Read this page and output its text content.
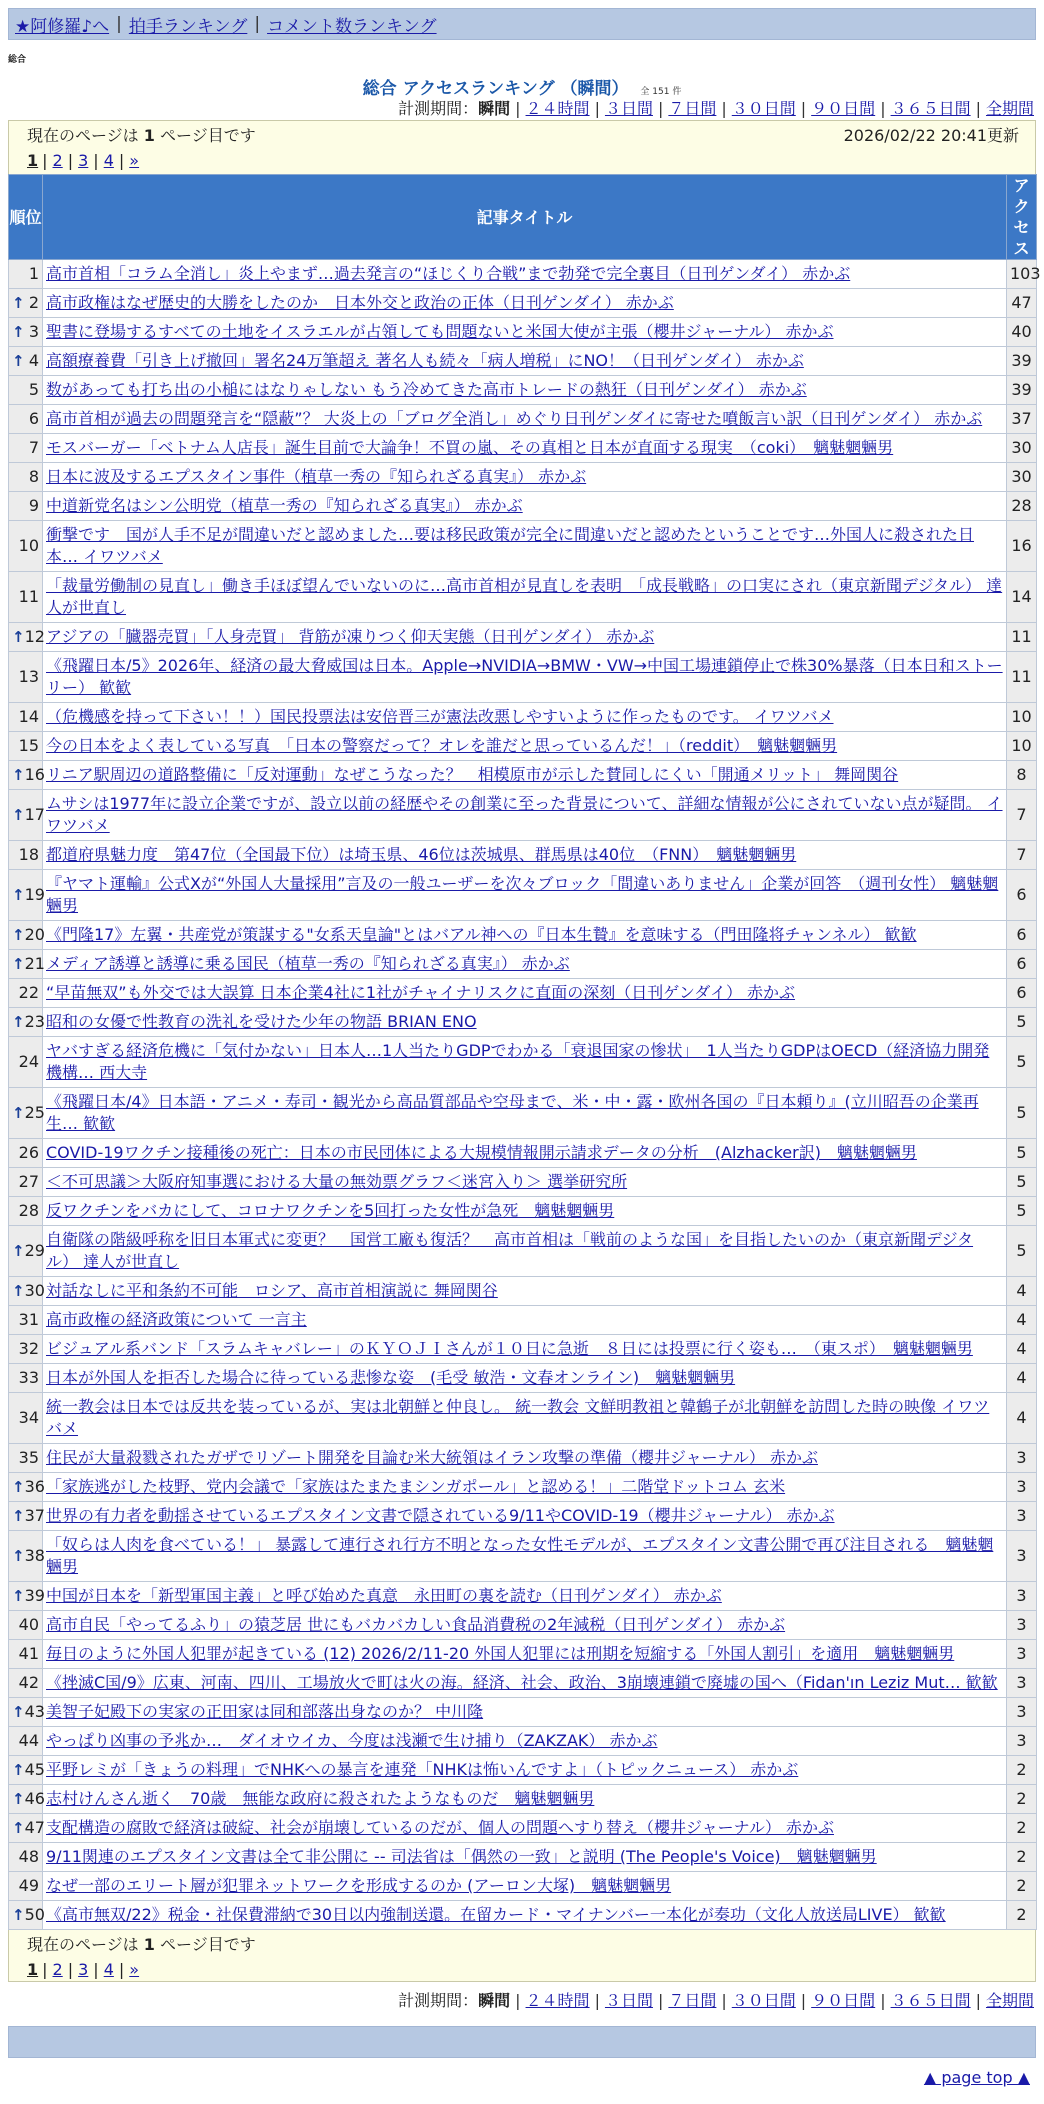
★阿修羅♪へ | 拍手ランキング | コメント数ランキング
総合
総合 アクセスランキング （瞬間） 全 151 件
計測期間：瞬間 | ２４時間 | ３日間 | ７日間 | ３０日間 | ９０日間 | ３６５日間 | 全期間
現在のページは 1 ページ目です	2026/02/22 20:41更新
1 | 2 | 3 | 4 | »
順位	記事タイトル	アクセス
1	高市首相「コラム全消し」炎上やまず…過去発言の“ほじくり合戦”まで勃発で完全裏目（日刊ゲンダイ） 赤かぶ	103

↑ 2	高市政権はなぜ歴史的大勝をしたのか　日本外交と政治の正体（日刊ゲンダイ） 赤かぶ	47

↑ 3	聖書に登場するすべての土地をイスラエルが占領しても問題ないと米国大使が主張（櫻井ジャーナル） 赤かぶ	40

↑ 4	高額療養費「引き上げ撤回」署名24万筆超え 著名人も続々「病人増税」にNO！（日刊ゲンダイ） 赤かぶ	39
5	数があっても打ち出の小槌にはなりゃしない もう冷めてきた高市トレードの熱狂（日刊ゲンダイ） 赤かぶ	39
6	高市首相が過去の問題発言を“隠蔽”？ 大炎上の「ブログ全消し」めぐり日刊ゲンダイに寄せた噴飯言い訳（日刊ゲンダイ） 赤かぶ	37
7	モスバーガー「ベトナム人店長」誕生目前で大論争！不買の嵐、その真相と日本が直面する現実　（coki）　魑魅魍魎男	30
8	日本に波及するエプスタイン事件（植草一秀の『知られざる真実』） 赤かぶ	30
9	中道新党名はシン公明党（植草一秀の『知られざる真実』） 赤かぶ	28
10	衝撃です　国が人手不足が間違いだと認めました…要は移民政策が完全に間違いだと認めたということです…外国人に殺された日本… イワツバメ	16
11	「裁量労働制の見直し」働き手ほぼ望んでいないのに…高市首相が見直しを表明　「成長戦略」の口実にされ（東京新聞デジタル） 達人が世直し	14

↑ 12	アジアの「臓器売買」「人身売買」 背筋が凍りつく仰天実態（日刊ゲンダイ） 赤かぶ	11
13	《飛躍日本/5》2026年、経済の最大脅威国は日本。Apple→NVIDIA→BMW・VW→中国工場連鎖停止で株30%暴落（日本日和ストーリー） 歓歓	11
14	（危機感を持って下さい！！）国民投票法は安倍晋三が憲法改悪しやすいように作ったものです。 イワツバメ	10
15	今の日本をよく表している写真　「日本の警察だって？オレを誰だと思っているんだ！」（reddit）　魑魅魍魎男	10

↑ 16	リニア駅周辺の道路整備に「反対運動」なぜこうなった？　相模原市が示した賛同しにくい「開通メリット」 舞岡関谷	8

↑ 17	ムサシは1977年に設立企業ですが、設立以前の経歴やその創業に至った背景について、詳細な情報が公にされていない点が疑問。 イワツバメ	7
18	都道府県魅力度　第47位（全国最下位）は埼玉県、46位は茨城県、群馬県は40位　（FNN）　魑魅魍魎男	7

↑ 19	『ヤマト運輸』公式Xが“外国人大量採用”言及の一般ユーザーを次々ブロック「間違いありません」企業が回答　（週刊女性） 魑魅魍魎男	6

↑ 20	《門隆17》左翼・共産党が策謀する"女系天皇論"とはバアル神への『日本生贄』を意味する（門田隆将チャンネル） 歓歓	6

↑ 21	メディア誘導と誘導に乗る国民（植草一秀の『知られざる真実』） 赤かぶ	6
22	“早苗無双”も外交では大誤算 日本企業4社に1社がチャイナリスクに直面の深刻（日刊ゲンダイ） 赤かぶ	6

↑ 23	昭和の女優で性教育の洗礼を受けた少年の物語 BRIAN ENO	5
24	ヤバすぎる経済危機に「気付かない」日本人…1人当たりGDPでわかる「衰退国家の惨状」　1人当たりGDPはOECD（経済協力開発機構… 西大寺	5

↑ 25	《飛躍日本/4》日本語・アニメ・寿司・観光から高品質部品や空母まで、米・中・露・欧州各国の『日本頼り』(立川昭吾の企業再生… 歓歓	5
26	COVID-19ワクチン接種後の死亡：日本の市民団体による大規模情報開示請求データの分析　(Alzhacker訳)　魑魅魍魎男	5
27	＜不可思議＞大阪府知事選における大量の無効票グラフ＜迷宮入り＞ 選挙研究所	5
28	反ワクチンをバカにして、コロナワクチンを5回打った女性が急死　魑魅魍魎男	5

↑ 29	自衛隊の階級呼称を旧日本軍式に変更？　国営工廠も復活？　高市首相は「戦前のような国」を目指したいのか（東京新聞デジタル） 達人が世直し	5

↑ 30	対話なしに平和条約不可能　ロシア、高市首相演説に 舞岡関谷	4
31	高市政権の経済政策について 一言主	4
32	ビジュアル系バンド「スラムキャバレー」のＫＹＯＪＩさんが１０日に急逝　８日には投票に行く姿も…　（東スポ）　魑魅魍魎男	4
33	日本が外国人を拒否した場合に待っている悲惨な姿　(毛受 敏浩・文春オンライン)　魑魅魍魎男	4
34	統一教会は日本では反共を装っているが、実は北朝鮮と仲良し。 統一教会 文鮮明教祖と韓鶴子が北朝鮮を訪問した時の映像 イワツバメ	4
35	住民が大量殺戮されたガザでリゾート開発を目論む米大統領はイラン攻撃の準備（櫻井ジャーナル） 赤かぶ	3

↑ 36	「家族逃がした枝野、党内会議で「家族はたまたまシンガポール」と認める！」二階堂ドットコム 玄米	3

↑ 37	世界の有力者を動揺させているエプスタイン文書で隠されている9/11やCOVID-19（櫻井ジャーナル） 赤かぶ	3

↑ 38	「奴らは人肉を食べている！」 暴露して連行され行方不明となった女性モデルが、エプスタイン文書公開で再び注目される　魑魅魍魎男	3

↑ 39	中国が日本を「新型軍国主義」と呼び始めた真意　永田町の裏を読む（日刊ゲンダイ） 赤かぶ	3
40	高市自民「やってるふり」の猿芝居 世にもバカバカしい食品消費税の2年減税（日刊ゲンダイ） 赤かぶ	3
41	毎日のように外国人犯罪が起きている (12) 2026/2/11-20 外国人犯罪には刑期を短縮する「外国人割引」を適用　魑魅魍魎男	3
42	《挫滅C国/9》広東、河南、四川、工場放火で町は火の海。経済、社会、政治、3崩壊連鎖で廃墟の国へ（Fidan'ın Leziz Mut… 歓歓	3

↑ 43	美智子妃殿下の実家の正田家は同和部落出身なのか？ 中川隆	3
44	やっぱり凶事の予兆か…　ダイオウイカ、今度は浅瀬で生け捕り（ZAKZAK） 赤かぶ	3

↑ 45	平野レミが「きょうの料理」でNHKへの暴言を連発「NHKは怖いんですよ」（トピックニュース） 赤かぶ	2

↑ 46	志村けんさん逝く　70歳　無能な政府に殺されたようなものだ　魑魅魍魎男	2

↑ 47	支配構造の腐敗で経済は破綻、社会が崩壊しているのだが、個人の問題へすり替え（櫻井ジャーナル） 赤かぶ	2
48	9/11関連のエプスタイン文書は全て非公開に -- 司法省は「偶然の一致」と説明 (The People's Voice)　魑魅魍魎男	2
49	なぜ一部のエリート層が犯罪ネットワークを形成するのか (アーロン大塚)　魑魅魍魎男	2

↑ 50	《高市無双/22》税金・社保費滞納で30日以内強制送還。在留カード・マイナンバー一本化が奏功（文化人放送局LIVE） 歓歓	2
現在のページは 1 ページ目です
1 | 2 | 3 | 4 | »
計測期間：瞬間 | ２４時間 | ３日間 | ７日間 | ３０日間 | ９０日間 | ３６５日間 | 全期間
▲ page top ▲
